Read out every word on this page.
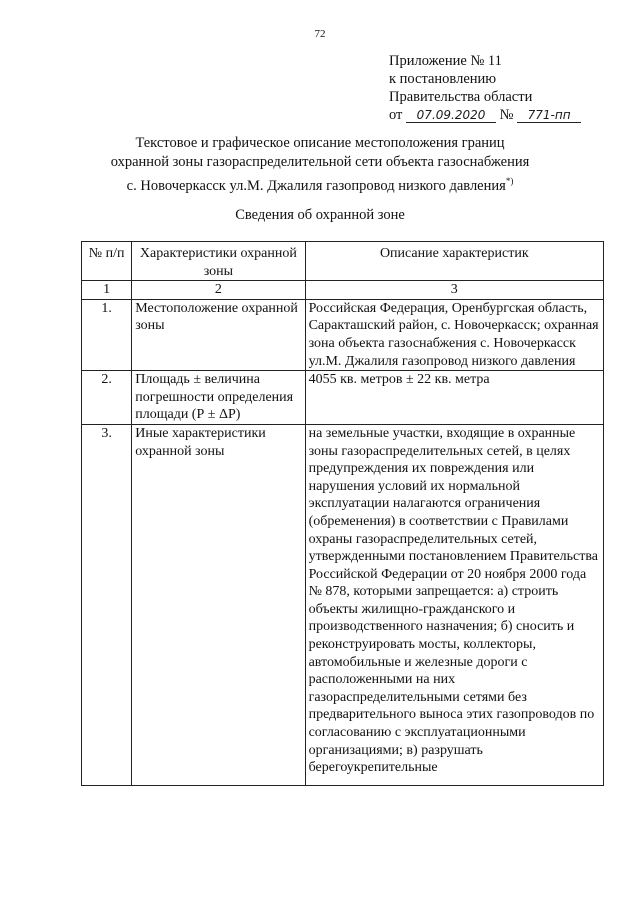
72
Приложение № 11
к постановлению
Правительства области
от 07.09.2020 № 771-пп
Текстовое и графическое описание местоположения границ
охранной зоны газораспределительной сети объекта газоснабжения
с. Новочеркасск ул.М. Джалиля газопровод низкого давления*)
Сведения об охранной зоне
№ п/п	Характеристики охранной зоны	Описание характеристик
1	2	3
1.	Местоположение охранной зоны	Российская Федерация, Оренбургская область, Саракташский район, с. Новочеркасск; охранная зона объекта газоснабжения с. Новочеркасск ул.М. Джалиля газопровод низкого давления
2.	Площадь ± величина погрешности определения площади (Р ± ΔР)	4055 кв. метров ± 22 кв. метра
3.	Иные характеристики охранной зоны	на земельные участки, входящие в охранные зоны газораспределительных сетей, в целях предупреждения их повреждения или нарушения условий их нормальной эксплуатации налагаются ограничения (обременения) в соответствии с Правилами охраны газораспределительных сетей, утвержденными постановлением Правительства Российской Федерации от 20 ноября 2000 года № 878, которыми запрещается: а) строить объекты жилищно-гражданского и производственного назначения; б) сносить и реконструировать мосты, коллекторы, автомобильные и железные дороги с расположенными на них газораспределительными сетями без предварительного выноса этих газопроводов по согласованию с эксплуатационными организациями; в) разрушать берегоукрепительные
